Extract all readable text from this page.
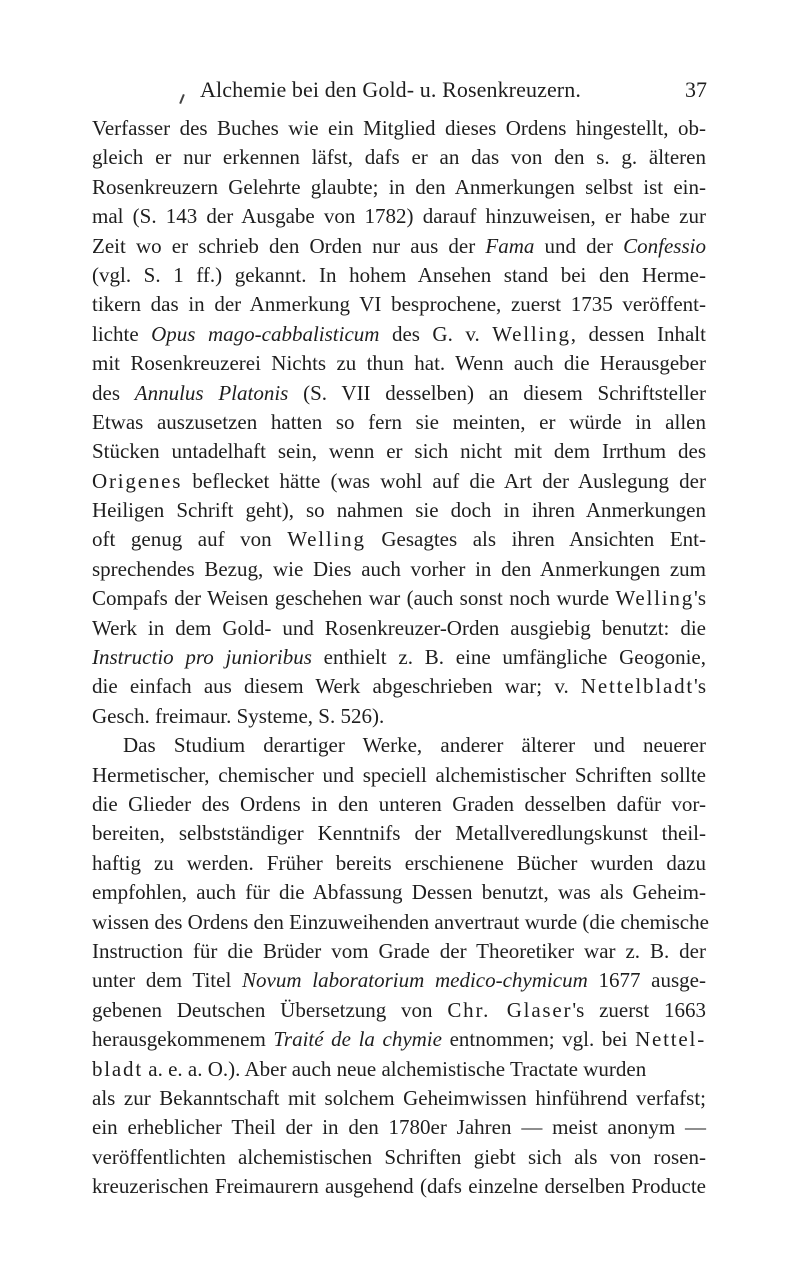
Alchemie bei den Gold- u. Rosenkreuzern.	37
Verfasser des Buches wie ein Mitglied dieses Ordens hingestellt, ob-
gleich er nur erkennen läfst, dafs er an das von den s. g. älteren
Rosenkreuzern Gelehrte glaubte; in den Anmerkungen selbst ist ein-
mal (S. 143 der Ausgabe von 1782) darauf hinzuweisen, er habe zur
Zeit wo er schrieb den Orden nur aus der Fama und der Confessio
(vgl. S. 1 ff.) gekannt. In hohem Ansehen stand bei den Herme-
tikern das in der Anmerkung VI besprochene, zuerst 1735 veröffent-
lichte Opus mago-cabbalisticum des G. v. Welling, dessen Inhalt
mit Rosenkreuzerei Nichts zu thun hat. Wenn auch die Herausgeber
des Annulus Platonis (S. VII desselben) an diesem Schriftsteller
Etwas auszusetzen hatten so fern sie meinten, er würde in allen
Stücken untadelhaft sein, wenn er sich nicht mit dem Irrthum des
Origenes beflecket hätte (was wohl auf die Art der Auslegung der
Heiligen Schrift geht), so nahmen sie doch in ihren Anmerkungen
oft genug auf von Welling Gesagtes als ihren Ansichten Ent-
sprechendes Bezug, wie Dies auch vorher in den Anmerkungen zum
Compafs der Weisen geschehen war (auch sonst noch wurde Welling's
Werk in dem Gold- und Rosenkreuzer-Orden ausgiebig benutzt: die
Instructio pro junioribus enthielt z. B. eine umfängliche Geogonie,
die einfach aus diesem Werk abgeschrieben war; v. Nettelbladt's
Gesch. freimaur. Systeme, S. 526).
Das Studium derartiger Werke, anderer älterer und neuerer
Hermetischer, chemischer und speciell alchemistischer Schriften sollte
die Glieder des Ordens in den unteren Graden desselben dafür vor-
bereiten, selbstständiger Kenntnifs der Metallveredlungskunst theil-
haftig zu werden. Früher bereits erschienene Bücher wurden dazu
empfohlen, auch für die Abfassung Dessen benutzt, was als Geheim-
wissen des Ordens den Einzuweihenden anvertraut wurde (die chemische
Instruction für die Brüder vom Grade der Theoretiker war z. B. der
unter dem Titel Novum laboratorium medico-chymicum 1677 ausge-
gebenen Deutschen Übersetzung von Chr. Glaser's zuerst 1663
herausgekommenem Traité de la chymie entnommen; vgl. bei Nettel-
bladt a. e. a. O.). Aber auch neue alchemistische Tractate wurden
als zur Bekanntschaft mit solchem Geheimwissen hinführend verfafst;
ein erheblicher Theil der in den 1780er Jahren — meist anonym —
veröffentlichten alchemistischen Schriften giebt sich als von rosen-
kreuzerischen Freimaurern ausgehend (dafs einzelne derselben Producte
